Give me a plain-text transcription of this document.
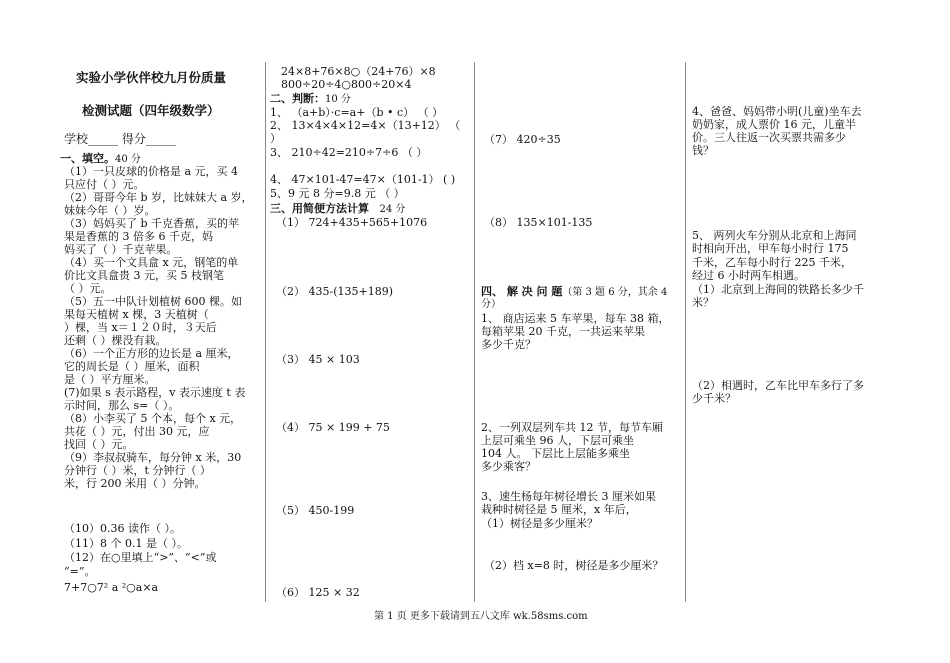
实验小学伙伴校九月份质量
检测试题（四年级数学）
学校_____ 得分_____
一、填空。40 分
（1）一只皮球的价格是 a 元，买 4
只应付（ ）元。
（2）哥哥今年 b 岁，比妹妹大 a 岁，
妹妹今年（ ）岁。
（3）妈妈买了 b 千克香蕉，买的苹
果是香蕉的 3 倍多 6 千克，妈
妈买了（ ）千克苹果。
（4）买一个文具盒 x 元，钢笔的单
价比文具盒贵 3 元，买 5 枝钢笔
（ ）元。
（5）五一中队计划植树 600 棵。如
果每天植树 x 棵，3 天植树（
）棵，当 x＝１２０时，３天后
还剩（ ）棵没有栽。
（6）一个正方形的边长是 a 厘米，
它的周长是（ ）厘米，面积
是（ ）平方厘米。
(7)如果 s 表示路程，v 表示速度 t 表
示时间，那么 s=（ ）。
（8）小李买了 5 个本，每个 x 元，
共花（ ）元，付出 30 元，应
找回（ ）元。
（9）李叔叔骑车，每分钟 x 米，30
分钟行（ ）米，t 分钟行（ ）
米，行 200 米用（ ）分钟。
（10）0.36 读作（ ）。
（11）8 个 0.1 是（ ）。
（12）在○里填上“>”、“<”或
“=”。
7+7○7² a ²○a×a
24×8+76×8○（24+76）×8
800÷20÷4○800÷20×4
二、判断：10 分
1、 （a+b）·c=a+（b • c） （ ）
2、 13×4×4×12=4×（13+12） （
）
3、 210÷42=210÷7÷6 （ ）
4、 47×101-47=47×（101-1） ( )
5、9 元 8 分=9.8 元 （ ）
三、用简便方法计算 24 分
（1） 724+435+565+1076
（2） 435-(135+189)
（3） 45 × 103
（4） 75 × 199 + 75
（5） 450-199
（6） 125 × 32
（7） 420÷35
（8） 135×101-135
四、 解 决 问 题（第 3 题 6 分，其余 4
分）
1、 商店运来 5 车苹果，每车 38 箱，
每箱苹果 20 千克，一共运来苹果
多少千克？
2、一列双层列车共 12 节，每节车厢
上层可乘坐 96 人，下层可乘坐
104 人。 下层比上层能多乘坐
多少乘客？
3、速生杨每年树径增长 3 厘米如果
栽种时树径是 5 厘米，x 年后，
（1）树径是多少厘米？
（2）档 x=8 时，树径是多少厘米？
4、爸爸、妈妈带小明(儿童)坐车去
奶奶家，成人票价 16 元，儿童半
价。三人往返一次买票共需多少
钱？
5、 两列火车分别从北京和上海同
时相向开出，甲车每小时行 175
千米，乙车每小时行 225 千米，
经过 6 小时两车相遇。
（1）北京到上海间的铁路长多少千
米？
（2）相遇时，乙车比甲车多行了多
少千米？
第 1 页 更多下载请到五八文库 wk.58sms.com
